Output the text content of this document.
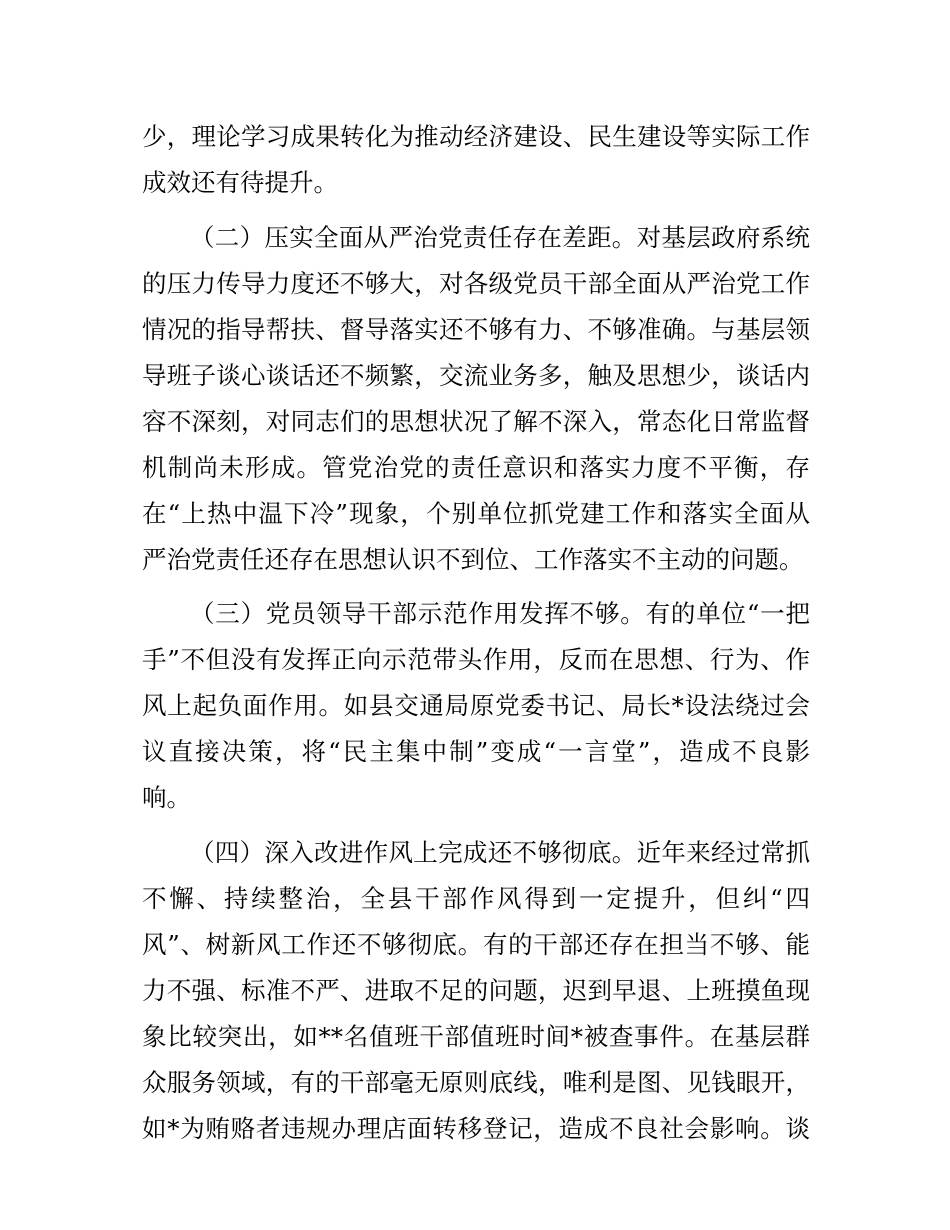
少，理论学习成果转化为推动经济建设、民生建设等实际工作
成效还有待提升。
（二）压实全面从严治党责任存在差距。对基层政府系统
的压力传导力度还不够大，对各级党员干部全面从严治党工作
情况的指导帮扶、督导落实还不够有力、不够准确。与基层领
导班子谈心谈话还不频繁，交流业务多，触及思想少，谈话内
容不深刻，对同志们的思想状况了解不深入，常态化日常监督
机制尚未形成。管党治党的责任意识和落实力度不平衡，存
在“上热中温下冷”现象，个别单位抓党建工作和落实全面从
严治党责任还存在思想认识不到位、工作落实不主动的问题。
（三）党员领导干部示范作用发挥不够。有的单位“一把
手”不但没有发挥正向示范带头作用，反而在思想、行为、作
风上起负面作用。如县交通局原党委书记、局长*设法绕过会
议直接决策，将“民主集中制”变成“一言堂”，造成不良影
响。
（四）深入改进作风上完成还不够彻底。近年来经过常抓
不懈、持续整治，全县干部作风得到一定提升，但纠“四
风”、树新风工作还不够彻底。有的干部还存在担当不够、能
力不强、标准不严、进取不足的问题，迟到早退、上班摸鱼现
象比较突出，如**名值班干部值班时间*被查事件。在基层群
众服务领域，有的干部毫无原则底线，唯利是图、见钱眼开，
如*为贿赂者违规办理店面转移登记，造成不良社会影响。谈
